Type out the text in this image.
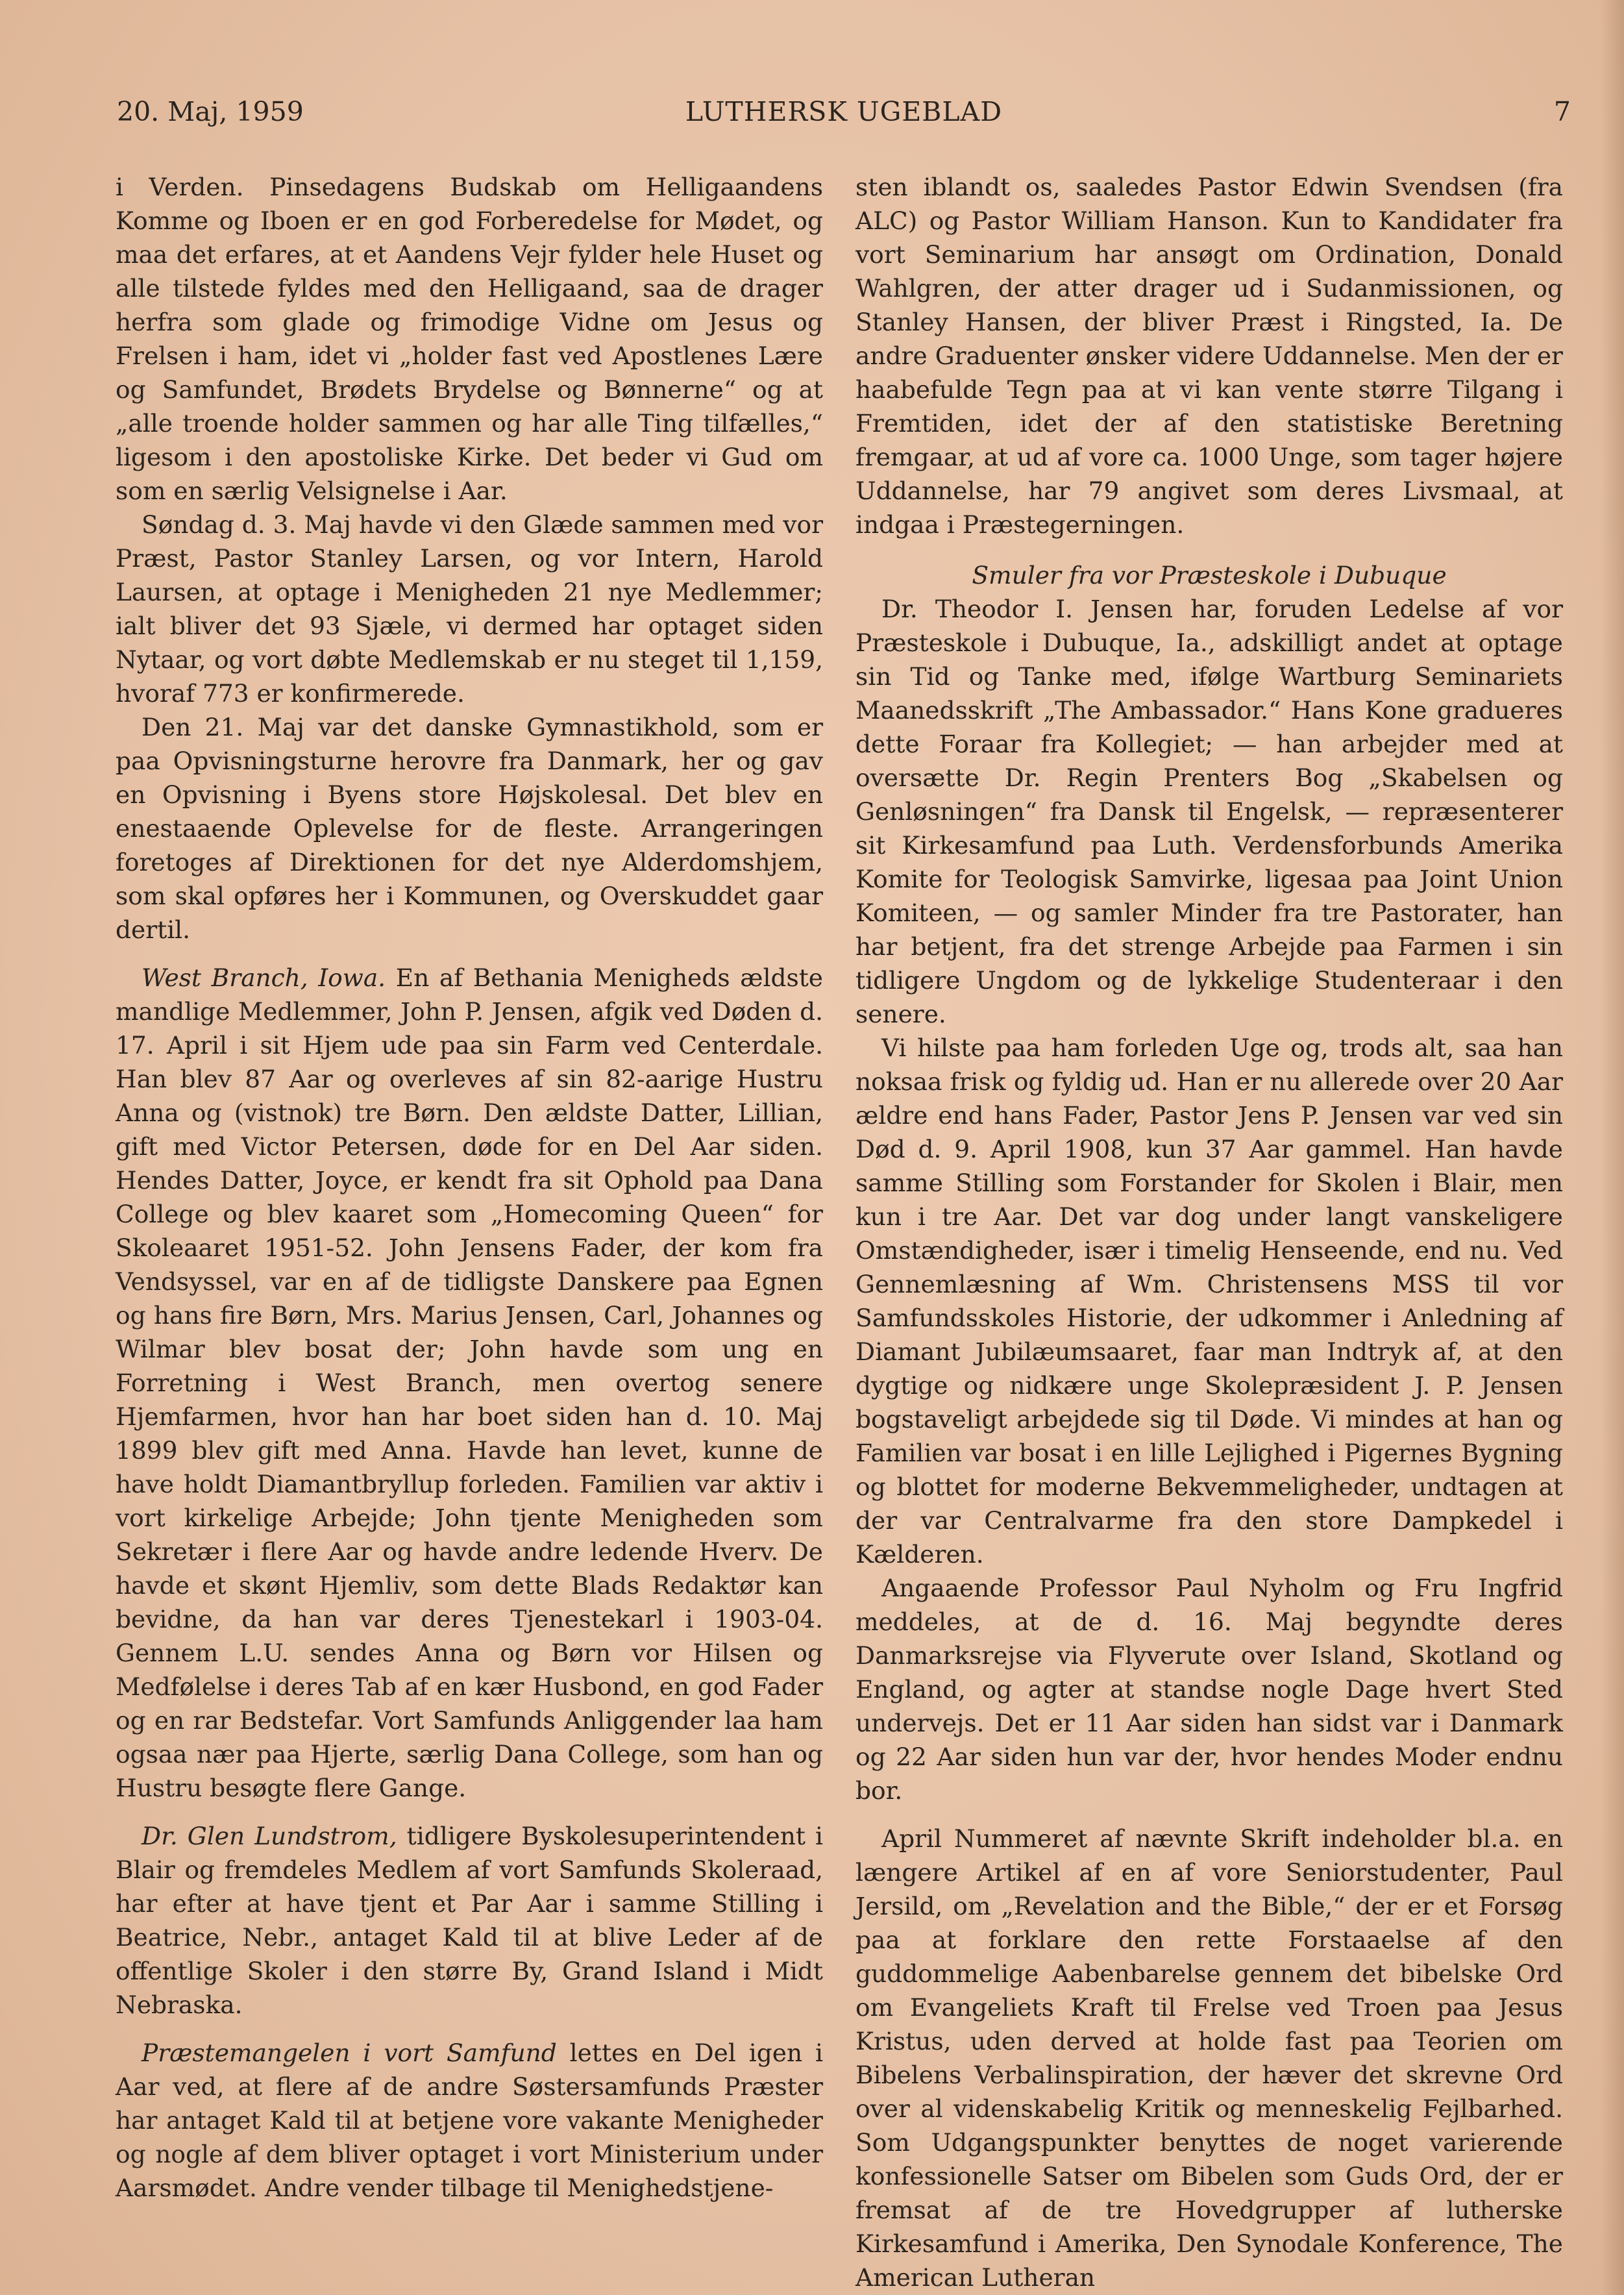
20. Maj, 1959	LUTHERSK UGEBLAD	7

i Verden. Pinsedagens Budskab om Helligaandens Komme og Iboen er en god Forberedelse for Mødet, og maa det erfares, at et Aandens Vejr fylder hele Huset og alle tilstede fyldes med den Helligaand, saa de drager herfra som glade og frimodige Vidne om Jesus og Frelsen i ham, idet vi „holder fast ved Apostlenes Lære og Samfundet, Brødets Brydelse og Bønnerne“ og at „alle troende holder sammen og har alle Ting tilfælles,“ ligesom i den apostoliske Kirke. Det beder vi Gud om som en særlig Velsignelse i Aar.

Søndag d. 3. Maj havde vi den Glæde sammen med vor Præst, Pastor Stanley Larsen, og vor Intern, Harold Laursen, at optage i Menigheden 21 nye Medlemmer; ialt bliver det 93 Sjæle, vi dermed har optaget siden Nytaar, og vort døbte Medlemskab er nu steget til 1,159, hvoraf 773 er konfirmerede.

Den 21. Maj var det danske Gymnastikhold, som er paa Opvisningsturne herovre fra Danmark, her og gav en Opvisning i Byens store Højskolesal. Det blev en enestaaende Oplevelse for de fleste. Arrangeringen foretoges af Direktionen for det nye Alderdomshjem, som skal opføres her i Kommunen, og Overskuddet gaar dertil.

West Branch, Iowa. En af Bethania Menigheds ældste mandlige Medlemmer, John P. Jensen, afgik ved Døden d. 17. April i sit Hjem ude paa sin Farm ved Centerdale. Han blev 87 Aar og overleves af sin 82-aarige Hustru Anna og (vistnok) tre Børn. Den ældste Datter, Lillian, gift med Victor Petersen, døde for en Del Aar siden. Hendes Datter, Joyce, er kendt fra sit Ophold paa Dana College og blev kaaret som „Homecoming Queen“ for Skoleaaret 1951-52. John Jensens Fader, der kom fra Vendsyssel, var en af de tidligste Danskere paa Egnen og hans fire Børn, Mrs. Marius Jensen, Carl, Johannes og Wilmar blev bosat der; John havde som ung en Forretning i West Branch, men overtog senere Hjemfarmen, hvor han har boet siden han d. 10. Maj 1899 blev gift med Anna. Havde han levet, kunne de have holdt Diamantbryllup forleden. Familien var aktiv i vort kirkelige Arbejde; John tjente Menigheden som Sekretær i flere Aar og havde andre ledende Hverv. De havde et skønt Hjemliv, som dette Blads Redaktør kan bevidne, da han var deres Tjenestekarl i 1903-04. Gennem L.U. sendes Anna og Børn vor Hilsen og Medfølelse i deres Tab af en kær Husbond, en god Fader og en rar Bedstefar. Vort Samfunds Anliggender laa ham ogsaa nær paa Hjerte, særlig Dana College, som han og Hustru besøgte flere Gange.

Dr. Glen Lundstrom, tidligere Byskolesuperintendent i Blair og fremdeles Medlem af vort Samfunds Skoleraad, har efter at have tjent et Par Aar i samme Stilling i Beatrice, Nebr., antaget Kald til at blive Leder af de offentlige Skoler i den større By, Grand Island i Midt Nebraska.

Præstemangelen i vort Samfund lettes en Del igen i Aar ved, at flere af de andre Søstersamfunds Præster har antaget Kald til at betjene vore vakante Menigheder og nogle af dem bliver optaget i vort Ministerium under Aarsmødet. Andre vender tilbage til Menighedstjene-

sten iblandt os, saaledes Pastor Edwin Svendsen (fra ALC) og Pastor William Hanson. Kun to Kandidater fra vort Seminarium har ansøgt om Ordination, Donald Wahlgren, der atter drager ud i Sudanmissionen, og Stanley Hansen, der bliver Præst i Ringsted, Ia. De andre Graduenter ønsker videre Uddannelse. Men der er haabefulde Tegn paa at vi kan vente større Tilgang i Fremtiden, idet der af den statistiske Beretning fremgaar, at ud af vore ca. 1000 Unge, som tager højere Uddannelse, har 79 angivet som deres Livsmaal, at indgaa i Præstegerningen.

Smuler fra vor Præsteskole i Dubuque

Dr. Theodor I. Jensen har, foruden Ledelse af vor Præsteskole i Dubuque, Ia., adskilligt andet at optage sin Tid og Tanke med, ifølge Wartburg Seminariets Maanedsskrift „The Ambassador.“ Hans Kone gradueres dette Foraar fra Kollegiet; — han arbejder med at oversætte Dr. Regin Prenters Bog „Skabelsen og Genløsningen“ fra Dansk til Engelsk, — repræsenterer sit Kirkesamfund paa Luth. Verdensforbunds Amerika Komite for Teologisk Samvirke, ligesaa paa Joint Union Komiteen, — og samler Minder fra tre Pastorater, han har betjent, fra det strenge Arbejde paa Farmen i sin tidligere Ungdom og de lykkelige Studenteraar i den senere.

Vi hilste paa ham forleden Uge og, trods alt, saa han noksaa frisk og fyldig ud. Han er nu allerede over 20 Aar ældre end hans Fader, Pastor Jens P. Jensen var ved sin Død d. 9. April 1908, kun 37 Aar gammel. Han havde samme Stilling som Forstander for Skolen i Blair, men kun i tre Aar. Det var dog under langt vanskeligere Omstændigheder, især i timelig Henseende, end nu. Ved Gennemlæsning af Wm. Christensens MSS til vor Samfundsskoles Historie, der udkommer i Anledning af Diamant Jubilæumsaaret, faar man Indtryk af, at den dygtige og nidkære unge Skolepræsident J. P. Jensen bogstaveligt arbejdede sig til Døde. Vi mindes at han og Familien var bosat i en lille Lejlighed i Pigernes Bygning og blottet for moderne Bekvemmeligheder, undtagen at der var Centralvarme fra den store Dampkedel i Kælderen.

Angaaende Professor Paul Nyholm og Fru Ingfrid meddeles, at de d. 16. Maj begyndte deres Danmarksrejse via Flyverute over Island, Skotland og England, og agter at standse nogle Dage hvert Sted undervejs. Det er 11 Aar siden han sidst var i Danmark og 22 Aar siden hun var der, hvor hendes Moder endnu bor.

April Nummeret af nævnte Skrift indeholder bl.a. en længere Artikel af en af vore Seniorstudenter, Paul Jersild, om „Revelation and the Bible,“ der er et Forsøg paa at forklare den rette Forstaaelse af den guddommelige Aabenbarelse gennem det bibelske Ord om Evangeliets Kraft til Frelse ved Troen paa Jesus Kristus, uden derved at holde fast paa Teorien om Bibelens Verbalinspiration, der hæver det skrevne Ord over al videnskabelig Kritik og menneskelig Fejlbarhed. Som Udgangspunkter benyttes de noget varierende konfessionelle Satser om Bibelen som Guds Ord, der er fremsat af de tre Hovedgrupper af lutherske Kirkesamfund i Amerika, Den Synodale Konference, The American Lutheran
